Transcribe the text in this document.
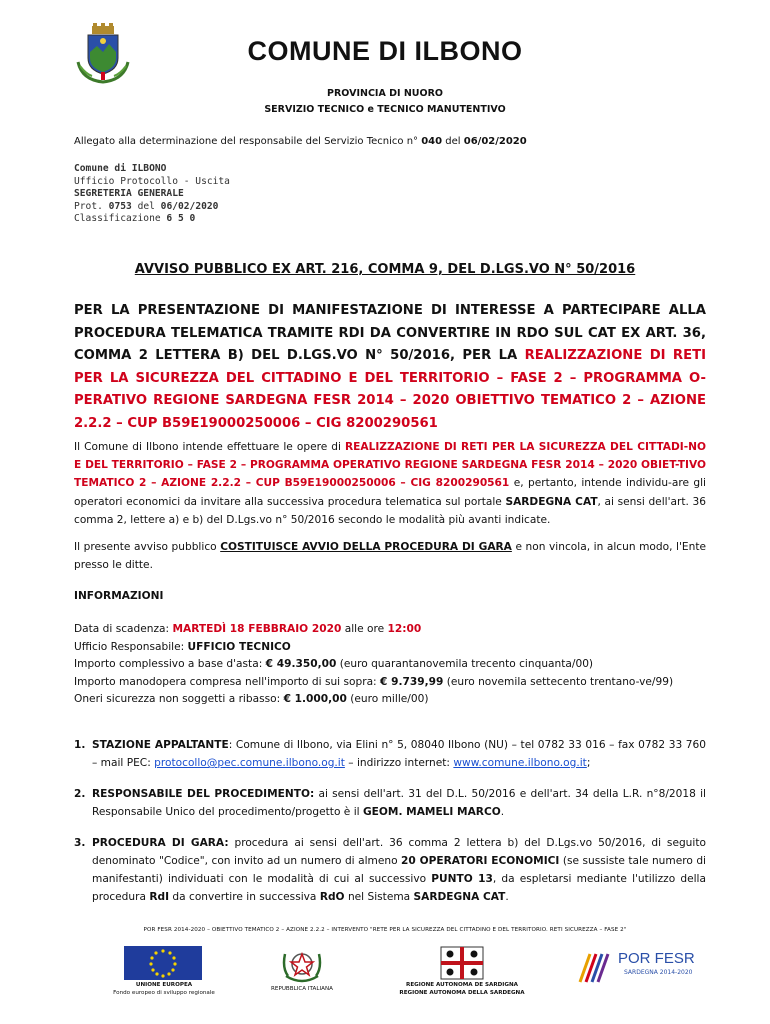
COMUNE DI ILBONO
PROVINCIA DI NUORO
SERVIZIO TECNICO e TECNICO MANUTENTIVO
Allegato alla determinazione del responsabile del Servizio Tecnico n° 040 del 06/02/2020
Comune di ILBONO
Ufficio Protocollo - Uscita
SEGRETERIA GENERALE
Prot. 0753 del 06/02/2020
Classificazione 6 5 0
AVVISO PUBBLICO EX ART. 216, COMMA 9, DEL D.LGS.VO N° 50/2016
PER LA PRESENTAZIONE DI MANIFESTAZIONE DI INTERESSE A PARTECIPARE ALLA PROCEDURA TELEMATICA TRAMITE RDI DA CONVERTIRE IN RDO SUL CAT EX ART. 36, COMMA 2 LETTERA B) DEL D.LGS.VO N° 50/2016, PER LA REALIZZAZIONE DI RETI PER LA SICUREZZA DEL CITTADINO E DEL TERRITORIO – FASE 2 – PROGRAMMA O-PERATIVO REGIONE SARDEGNA FESR 2014 – 2020 OBIETTIVO TEMATICO 2 – AZIONE 2.2.2 – CUP B59E19000250006 – CIG 8200290561
Il Comune di Ilbono intende effettuare le opere di REALIZZAZIONE DI RETI PER LA SICUREZZA DEL CITTADI-NO E DEL TERRITORIO – FASE 2 – PROGRAMMA OPERATIVO REGIONE SARDEGNA FESR 2014 – 2020 OBIET-TIVO TEMATICO 2 – AZIONE 2.2.2 – CUP B59E19000250006 – CIG 8200290561 e, pertanto, intende individu-are gli operatori economici da invitare alla successiva procedura telematica sul portale SARDEGNA CAT, ai sensi dell'art. 36 comma 2, lettere a) e b) del D.Lgs.vo n° 50/2016 secondo le modalità più avanti indicate.
Il presente avviso pubblico COSTITUISCE AVVIO DELLA PROCEDURA DI GARA e non vincola, in alcun modo, l'Ente presso le ditte.
INFORMAZIONI
Data di scadenza: MARTEDÌ 18 FEBBRAIO 2020 alle ore 12:00
Ufficio Responsabile: UFFICIO TECNICO
Importo complessivo a base d'asta: € 49.350,00 (euro quarantanovemila trecento cinquanta/00)
Importo manodopera compresa nell'importo di sui sopra: € 9.739,99 (euro novemila settecento trentano-ve/99)
Oneri sicurezza non soggetti a ribasso: € 1.000,00 (euro mille/00)
1. STAZIONE APPALTANTE: Comune di Ilbono, via Elini n° 5, 08040 Ilbono (NU) – tel 0782 33 016 – fax 0782 33 760 – mail PEC: protocollo@pec.comune.ilbono.og.it – indirizzo internet: www.comune.ilbono.og.it;
2. RESPONSABILE DEL PROCEDIMENTO: ai sensi dell'art. 31 del D.L. 50/2016 e dell'art. 34 della L.R. n°8/2018 il Responsabile Unico del procedimento/progetto è il GEOM. MAMELI MARCO.
3. PROCEDURA DI GARA: procedura ai sensi dell'art. 36 comma 2 lettera b) del D.Lgs.vo 50/2016, di seguito denominato "Codice", con invito ad un numero di almeno 20 OPERATORI ECONOMICI (se sussiste tale numero di manifestanti) individuati con le modalità di cui al successivo PUNTO 13, da espletarsi mediante l'utilizzo della procedura RdI da convertire in successiva RdO nel Sistema SARDEGNA CAT.
POR FESR 2014-2020 – OBIETTIVO TEMATICO 2 – AZIONE 2.2.2 – INTERVENTO "RETE PER LA SICUREZZA DEL CITTADINO E DEL TERRITORIO. RETI SICUREZZA – FASE 2"
UNIONE EUROPEA
Fondo europeo di sviluppo regionale
REPUBBLICA ITALIANA
REGIONE AUTONOMA DE SARDIGNA
REGIONE AUTONOMA DELLA SARDEGNA
POR FESR
SARDEGNA 2014-2020
